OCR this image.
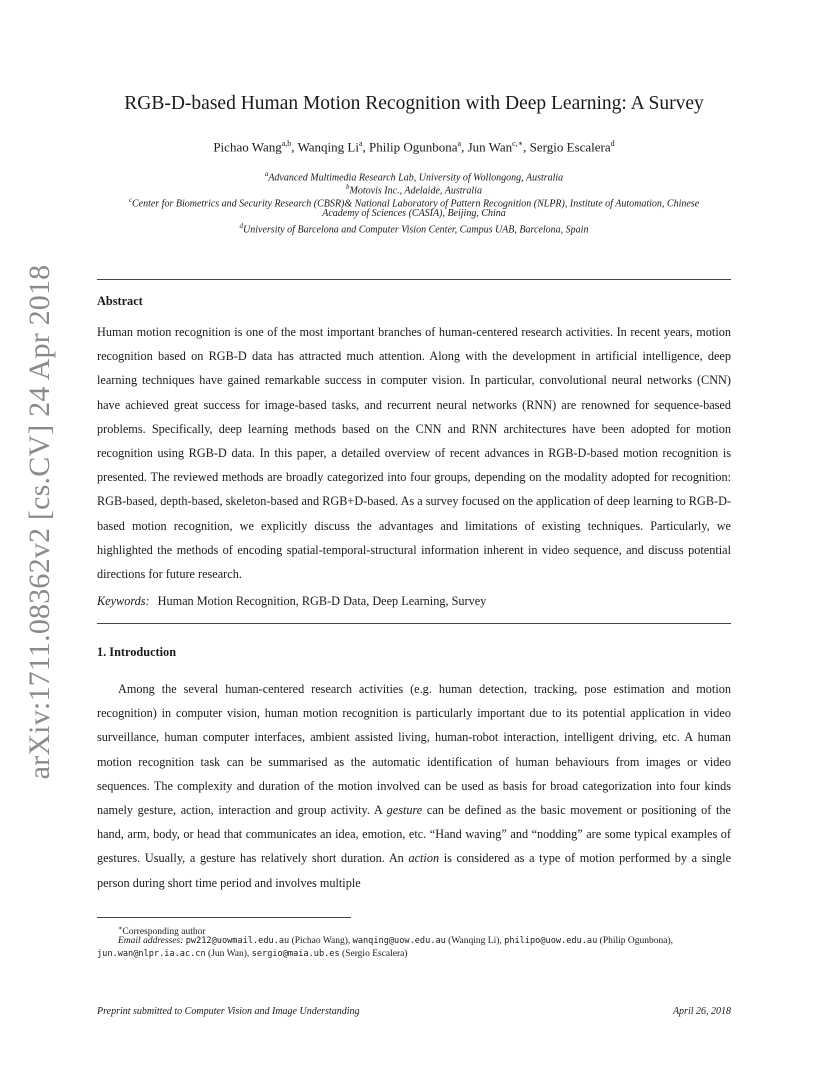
arXiv:1711.08362v2 [cs.CV] 24 Apr 2018
RGB-D-based Human Motion Recognition with Deep Learning: A Survey
Pichao Wang$^{a,b}$, Wanqing Li$^a$, Philip Ogunbona$^a$, Jun Wan$^{c,∗}$, Sergio Escalera$^d$
$^a$Advanced Multimedia Research Lab, University of Wollongong, Australia
$^b$Motovis Inc., Adelaide, Australia
$^c$Center for Biometrics and Security Research (CBSR)& National Laboratory of Pattern Recognition (NLPR), Institute of Automation, Chinese
Academy of Sciences (CASIA), Beijing, China
$^d$University of Barcelona and Computer Vision Center, Campus UAB, Barcelona, Spain
Abstract

Human motion recognition is one of the most important branches of human-centered research activities. In recent years, motion recognition based on RGB-D data has attracted much attention. Along with the development in artificial intelligence, deep learning techniques have gained remarkable success in computer vision. In particular, convolutional neural networks (CNN) have achieved great success for image-based tasks, and recurrent neural networks (RNN) are renowned for sequence-based problems. Specifically, deep learning methods based on the CNN and RNN architectures have been adopted for motion recognition using RGB-D data. In this paper, a detailed overview of recent advances in RGB-D-based motion recognition is presented. The reviewed methods are broadly categorized into four groups, depending on the modality adopted for recognition: RGB-based, depth-based, skeleton-based and RGB+D-based. As a survey focused on the application of deep learning to RGB-D-based motion recognition, we explicitly discuss the advantages and limitations of existing techniques. Particularly, we highlighted the methods of encoding spatial-temporal-structural information inherent in video sequence, and discuss potential directions for future research.

Keywords: Human Motion Recognition, RGB-D Data, Deep Learning, Survey
1. Introduction

Among the several human-centered research activities (e.g. human detection, tracking, pose estimation and motion recognition) in computer vision, human motion recognition is particularly important due to its potential application in video surveillance, human computer interfaces, ambient assisted living, human-robot interaction, intelligent driving, etc. A human motion recognition task can be summarised as the automatic identification of human behaviours from images or video sequences. The complexity and duration of the motion involved can be used as basis for broad categorization into four kinds namely gesture, action, interaction and group activity. A gesture can be defined as the basic movement or positioning of the hand, arm, body, or head that communicates an idea, emotion, etc. “Hand waving” and “nodding” are some typical examples of gestures. Usually, a gesture has relatively short duration. An action is considered as a type of motion performed by a single person during short time period and involves multiple

∗Corresponding author
Email addresses: pw212@uowmail.edu.au (Pichao Wang), wanqing@uow.edu.au (Wanqing Li), philipo@uow.edu.au (Philip Ogunbona), jun.wan@nlpr.ia.ac.cn (Jun Wan), sergio@maia.ub.es (Sergio Escalera)
Preprint submitted to Computer Vision and Image Understanding	April 26, 2018
